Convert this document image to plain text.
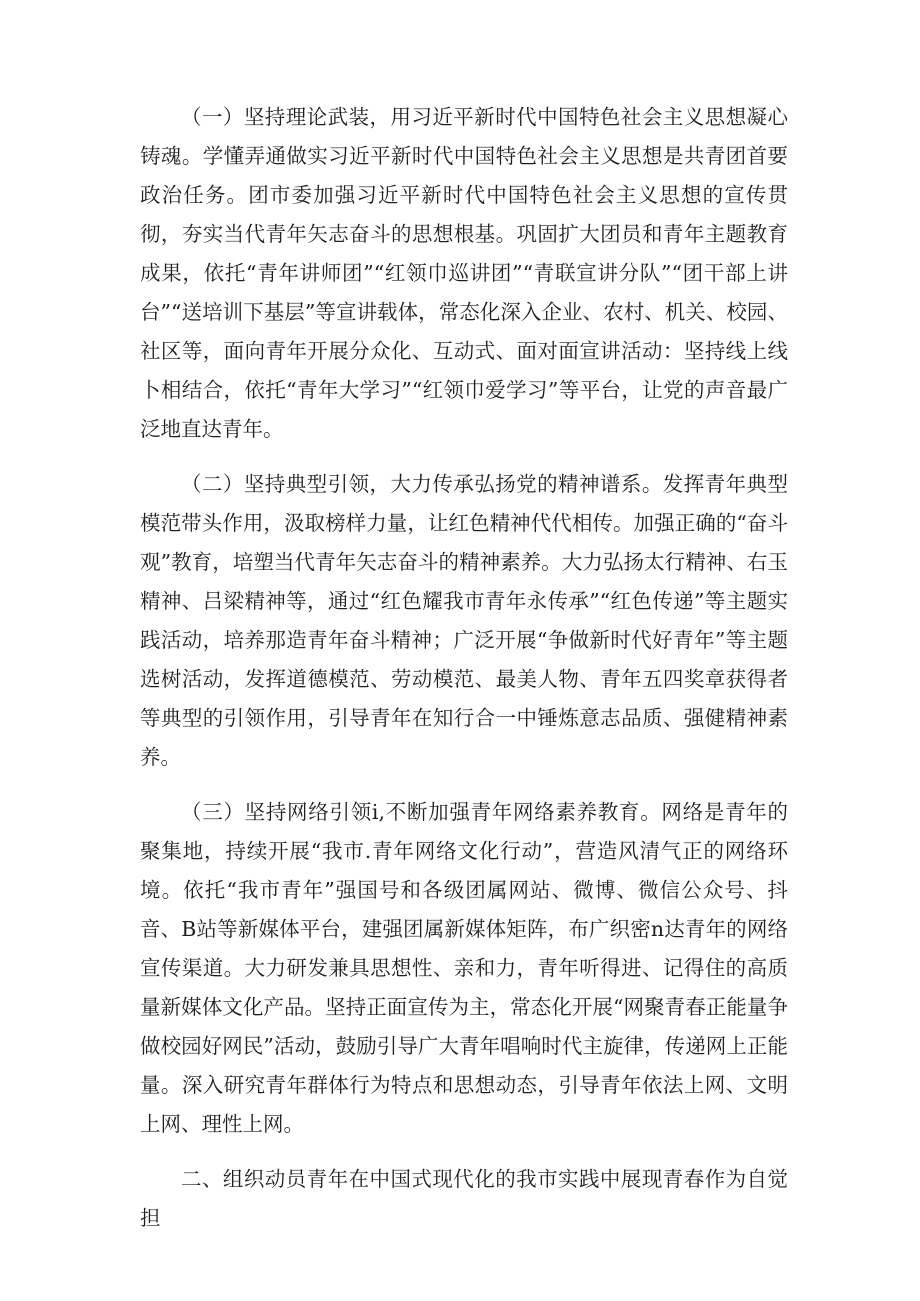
（一）坚持理论武装，用习近平新时代中国特色社会主义思想凝心铸魂。学懂弄通做实习近平新时代中国特色社会主义思想是共青团首要政治任务。团市委加强习近平新时代中国特色社会主义思想的宣传贯彻，夯实当代青年矢志奋斗的思想根基。巩固扩大团员和青年主题教育成果，依托“青年讲师团”“红领巾巡讲团”“青联宣讲分队”“团干部上讲台”“送培训下基层”等宣讲载体，常态化深入企业、农村、机关、校园、社区等，面向青年开展分众化、互动式、面对面宣讲活动：坚持线上线卜相结合，依托“青年大学习”“红领巾爱学习”等平台，让党的声音最广泛地直达青年。

（二）坚持典型引领，大力传承弘扬党的精神谱系。发挥青年典型模范带头作用，汲取榜样力量，让红色精神代代相传。加强正确的“奋斗观”教育，培塑当代青年矢志奋斗的精神素养。大力弘扬太行精神、右玉精神、吕梁精神等，通过“红色耀我市青年永传承”“红色传递”等主题实践活动，培养那造青年奋斗精神；广泛开展“争做新时代好青年”等主题选树活动，发挥道德模范、劳动模范、最美人物、青年五四奖章获得者等典型的引领作用，引导青年在知行合一中锤炼意志品质、强健精神素养。

（三）坚持网络引领i,不断加强青年网络素养教育。网络是青年的聚集地，持续开展“我市.青年网络文化行动”，营造风清气正的网络环境。依托“我市青年”强国号和各级团属网站、微博、微信公众号、抖音、B站等新媒体平台，建强团属新媒体矩阵，布广织密n达青年的网络宣传渠道。大力研发兼具思想性、亲和力，青年听得进、记得住的高质量新媒体文化产品。坚持正面宣传为主，常态化开展“网聚青春正能量争做校园好网民”活动，鼓励引导广大青年唱响时代主旋律，传递网上正能量。深入研究青年群体行为特点和思想动态，引导青年依法上网、文明上网、理性上网。

二、组织动员青年在中国式现代化的我市实践中展现青春作为自觉担
